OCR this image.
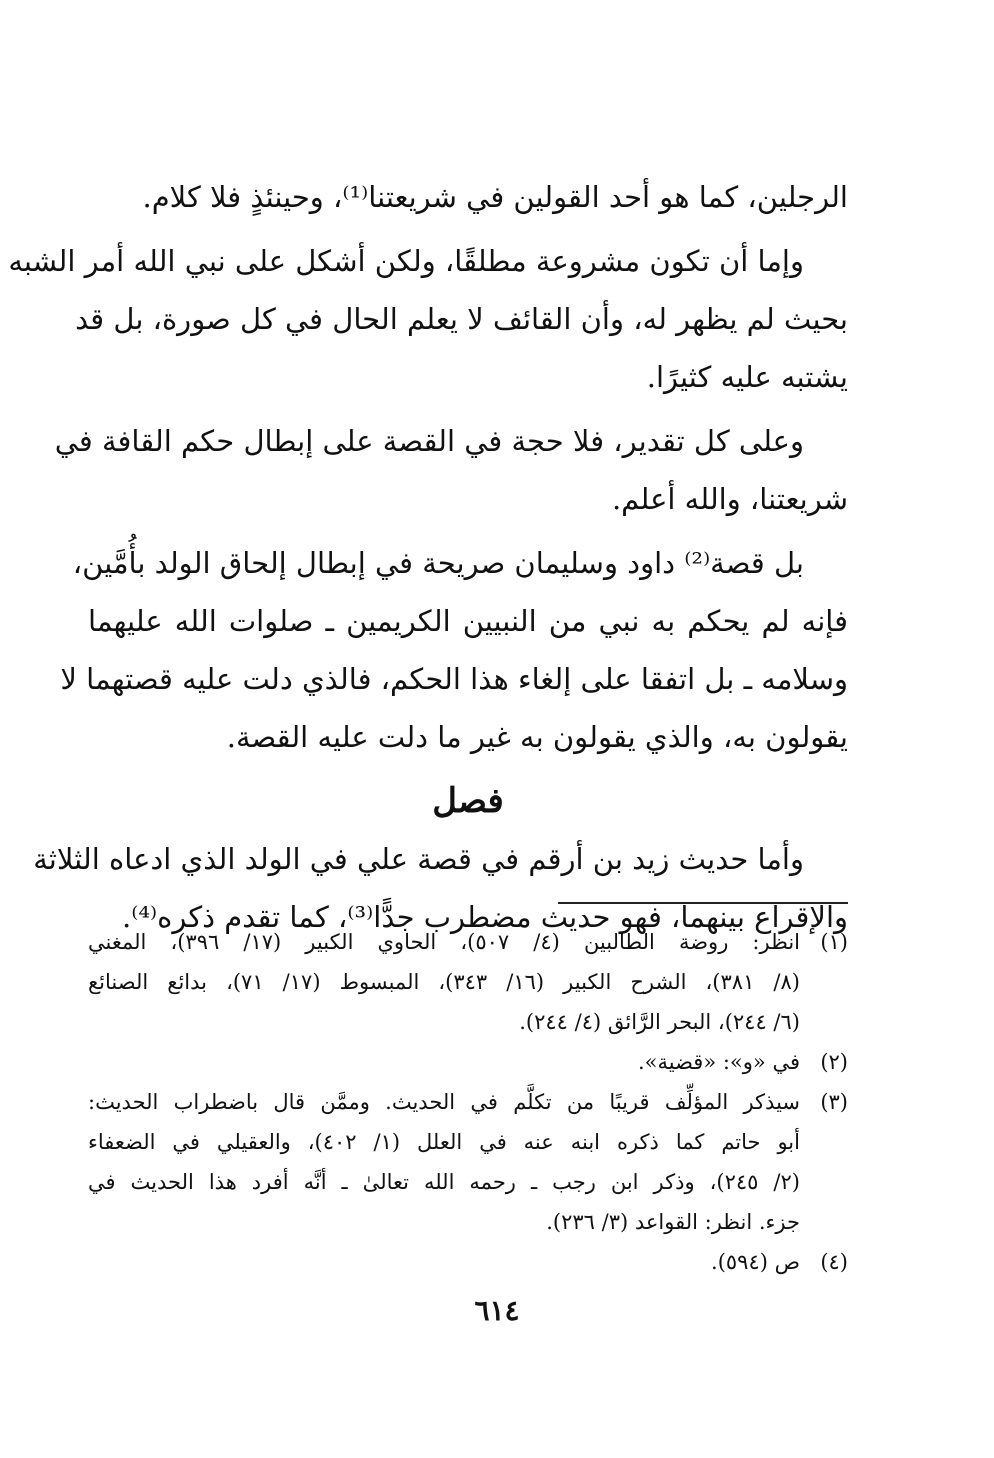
الرجلين، كما هو أحد القولين في شريعتنا⁽¹⁾، وحينئذٍ فلا كلام.
وإما أن تكون مشروعة مطلقًا، ولكن أشكل على نبي الله أمر الشبه
بحيث لم يظهر له، وأن القائف لا يعلم الحال في كل صورة، بل قد
يشتبه عليه كثيرًا.
وعلى كل تقدير، فلا حجة في القصة على إبطال حكم القافة في
شريعتنا، والله أعلم.
بل قصة⁽²⁾ داود وسليمان صريحة في إبطال إلحاق الولد بأُمَّين،
فإنه لم يحكم به نبي من النبيين الكريمين ـ صلوات الله عليهما
وسلامه ـ بل اتفقا على إلغاء هذا الحكم، فالذي دلت عليه قصتهما لا
يقولون به، والذي يقولون به غير ما دلت عليه القصة.
فصل
وأما حديث زيد بن أرقم في قصة علي في الولد الذي ادعاه الثلاثة
والإقراع بينهما، فهو حديث مضطرب جدًّا⁽³⁾، كما تقدم ذكره⁽⁴⁾.
(١)
انظر: روضة الطالبين (٤/ ٥٠٧)، الحاوي الكبير (١٧/ ٣٩٦)، المغني
(٨/ ٣٨١)، الشرح الكبير (١٦/ ٣٤٣)، المبسوط (١٧/ ٧١)، بدائع الصنائع
(٦/ ٢٤٤)، البحر الرَّائق (٤/ ٢٤٤).
(٢)
في «و»: «قضية».
(٣)
سيذكر المؤلِّف قريبًا من تكلَّم في الحديث. وممَّن قال باضطراب الحديث:
أبو حاتم كما ذكره ابنه عنه في العلل (١/ ٤٠٢)، والعقيلي في الضعفاء
(٢/ ٢٤٥)، وذكر ابن رجب ـ رحمه الله تعالىٰ ـ أنَّه أفرد هذا الحديث في
جزء. انظر: القواعد (٣/ ٢٣٦).
(٤)
ص (٥٩٤).
٦١٤
